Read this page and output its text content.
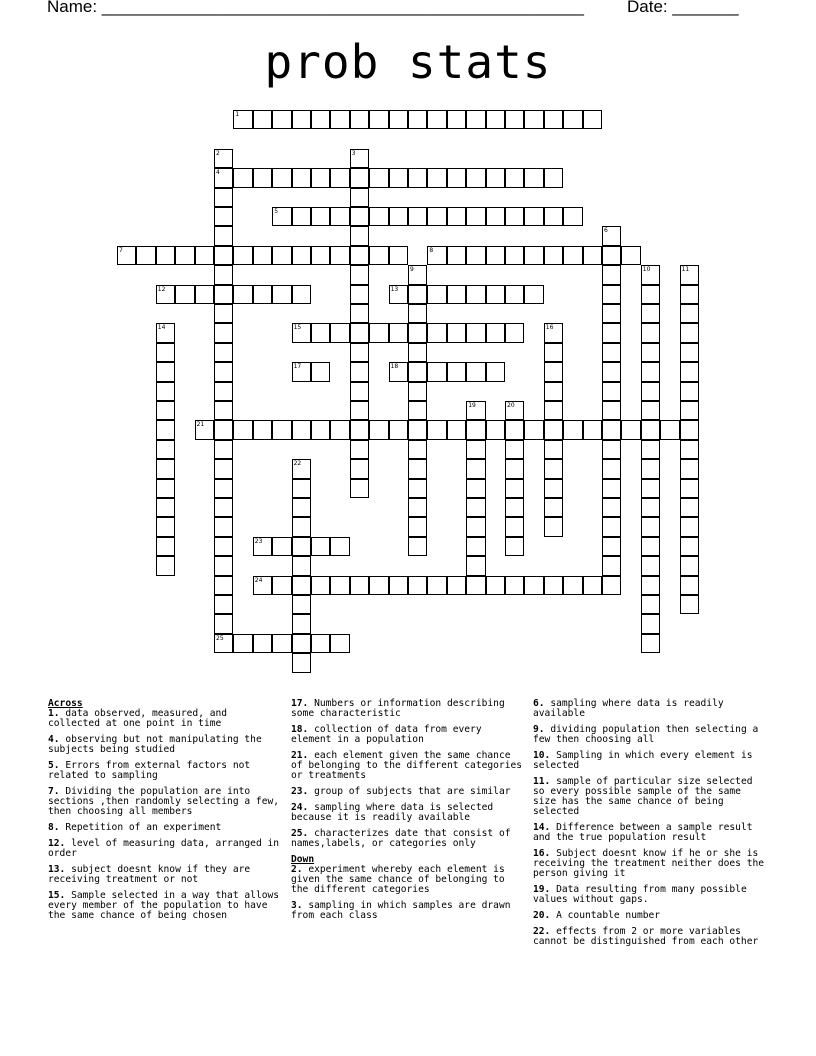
Name: ___________________________________________________	Date: _______
prob stats
1
4
5
7	8
12	13
15
17	18
21
23
24
25
2	3
6
9	10	11
14	16
19	20
22
Across
1. data observed, measured, and collected at one point in time
4. observing but not manipulating the subjects being studied
5. Errors from external factors not related to sampling
7. Dividing the population are into sections ,then randomly selecting a few, then choosing all members
8. Repetition of an experiment
12. level of measuring data, arranged in order
13. subject doesnt know if they are receiving treatment or not
15. Sample selected in a way that allows every member of the population to have the same chance of being chosen
17. Numbers or information describing some characteristic
18. collection of data from every element in a population
21. each element given the same chance of belonging to the different categories or treatments
23. group of subjects that are similar
24. sampling where data is selected because it is readily available
25. characterizes date that consist of names,labels, or categories only
Down
2. experiment whereby each element is given the same chance of belonging to the different categories
3. sampling in which samples are drawn from each class
6. sampling where data is readily available
9. dividing population then selecting a few then choosing all
10. Sampling in which every element is selected
11. sample of particular size selected so every possible sample of the same size has the same chance of being selected
14. Difference between a sample result and the true population result
16. Subject doesnt know if he or she is receiving the treatment neither does the person giving it
19. Data resulting from many possible values without gaps.
20. A countable number
22. effects from 2 or more variables cannot be distinguished from each other
